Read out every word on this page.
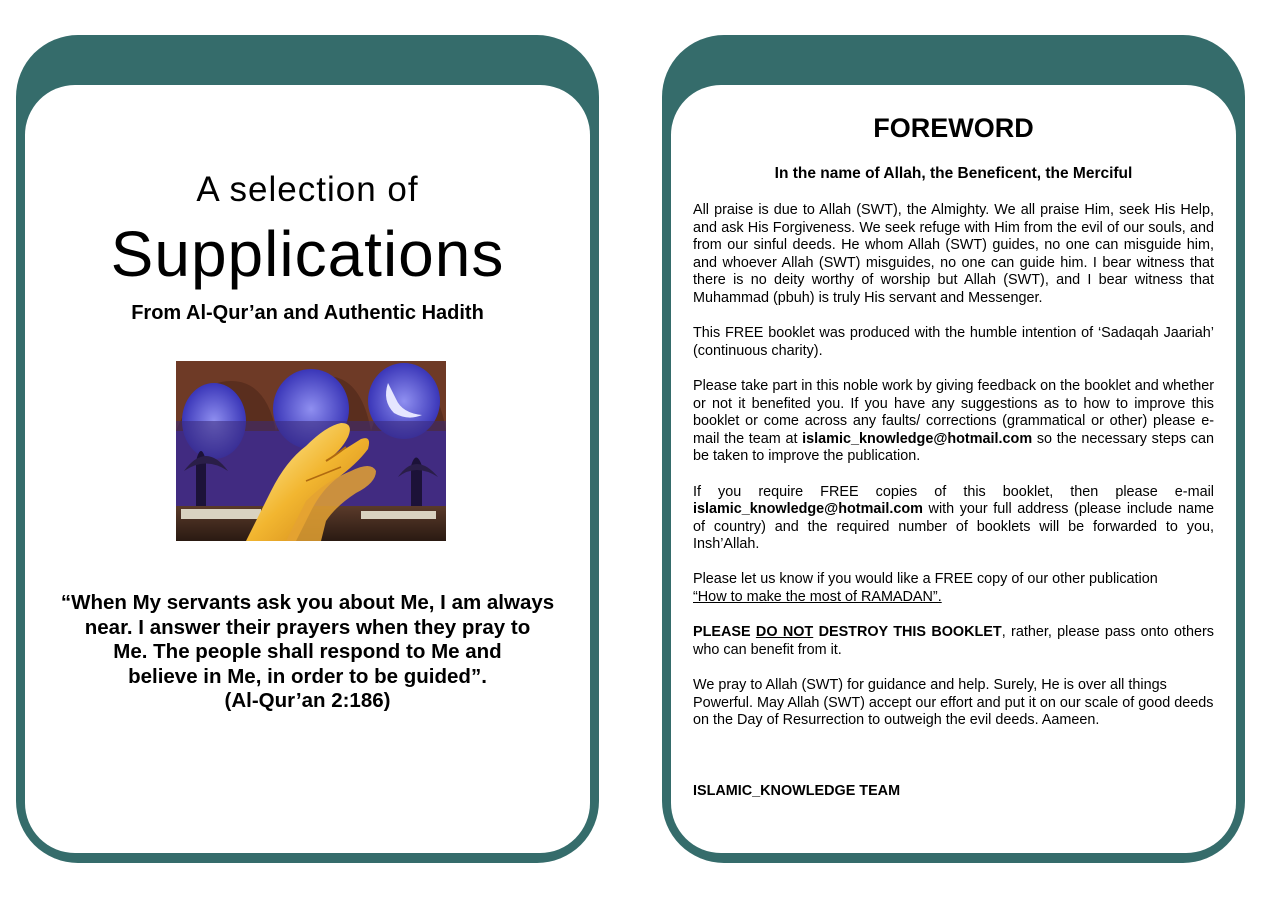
A selection of
Supplications
From Al-Qur’an and Authentic Hadith
“When My servants ask you about Me, I am always
near. I answer their prayers when they pray to
Me. The people shall respond to Me and
believe in Me, in order to be guided”.
(Al-Qur’an 2:186)
FOREWORD
In the name of Allah, the Beneficent, the Merciful

All praise is due to Allah (SWT), the Almighty. We all praise Him, seek His Help, and ask His Forgiveness. We seek refuge with Him from the evil of our souls, and from our sinful deeds. He whom Allah (SWT) guides, no one can misguide him, and whoever Allah (SWT) misguides, no one can guide him. I bear witness that there is no deity worthy of worship but Allah (SWT), and I bear witness that Muhammad (pbuh) is truly His servant and Messenger.

This FREE booklet was produced with the humble intention of ‘Sadaqah Jaariah’ (continuous charity).

Please take part in this noble work by giving feedback on the booklet and whether or not it benefited you. If you have any suggestions as to how to improve this booklet or come across any faults/ corrections (grammatical or other) please e-mail the team at islamic_knowledge@hotmail.com so the necessary steps can be taken to improve the publication.

If you require FREE copies of this booklet, then please e-mail islamic_knowledge@hotmail.com with your full address (please include name of country) and the required number of booklets will be forwarded to you, Insh’Allah.

Please let us know if you would like a FREE copy of our other publication
“How to make the most of RAMADAN”.

PLEASE DO NOT DESTROY THIS BOOKLET, rather, please pass onto others who can benefit from it.

We pray to Allah (SWT) for guidance and help. Surely, He is over all things Powerful. May Allah (SWT) accept our effort and put it on our scale of good deeds on the Day of Resurrection to outweigh the evil deeds. Aameen.

ISLAMIC_KNOWLEDGE TEAM
